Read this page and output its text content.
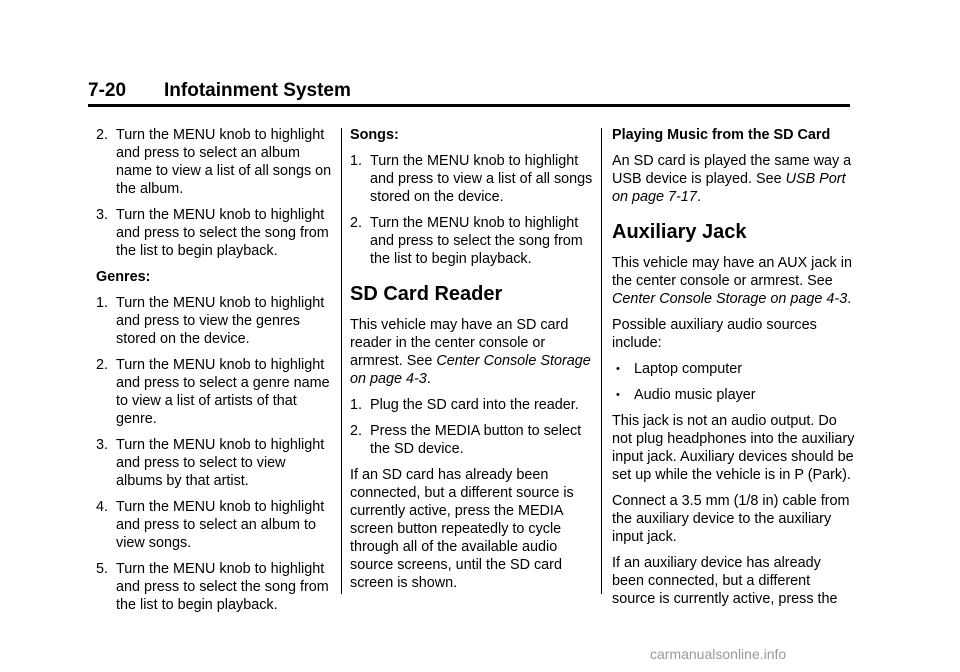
7-20 Infotainment System
2. Turn the MENU knob to highlight and press to select an album name to view a list of all songs on the album.
3. Turn the MENU knob to highlight and press to select the song from the list to begin playback.
Genres:
1. Turn the MENU knob to highlight and press to view the genres stored on the device.
2. Turn the MENU knob to highlight and press to select a genre name to view a list of artists of that genre.
3. Turn the MENU knob to highlight and press to select to view albums by that artist.
4. Turn the MENU knob to highlight and press to select an album to view songs.
5. Turn the MENU knob to highlight and press to select the song from the list to begin playback.
Songs:
1. Turn the MENU knob to highlight and press to view a list of all songs stored on the device.
2. Turn the MENU knob to highlight and press to select the song from the list to begin playback.
SD Card Reader
This vehicle may have an SD card reader in the center console or armrest. See Center Console Storage on page 4-3.
1. Plug the SD card into the reader.
2. Press the MEDIA button to select the SD device.
If an SD card has already been connected, but a different source is currently active, press the MEDIA screen button repeatedly to cycle through all of the available audio source screens, until the SD card screen is shown.
Playing Music from the SD Card
An SD card is played the same way a USB device is played. See USB Port on page 7-17.
Auxiliary Jack
This vehicle may have an AUX jack in the center console or armrest. See Center Console Storage on page 4-3.
Possible auxiliary audio sources include:
• Laptop computer
• Audio music player
This jack is not an audio output. Do not plug headphones into the auxiliary input jack. Auxiliary devices should be set up while the vehicle is in P (Park).
Connect a 3.5 mm (1/8 in) cable from the auxiliary device to the auxiliary input jack.
If an auxiliary device has already been connected, but a different source is currently active, press the
carmanualsonline.info
